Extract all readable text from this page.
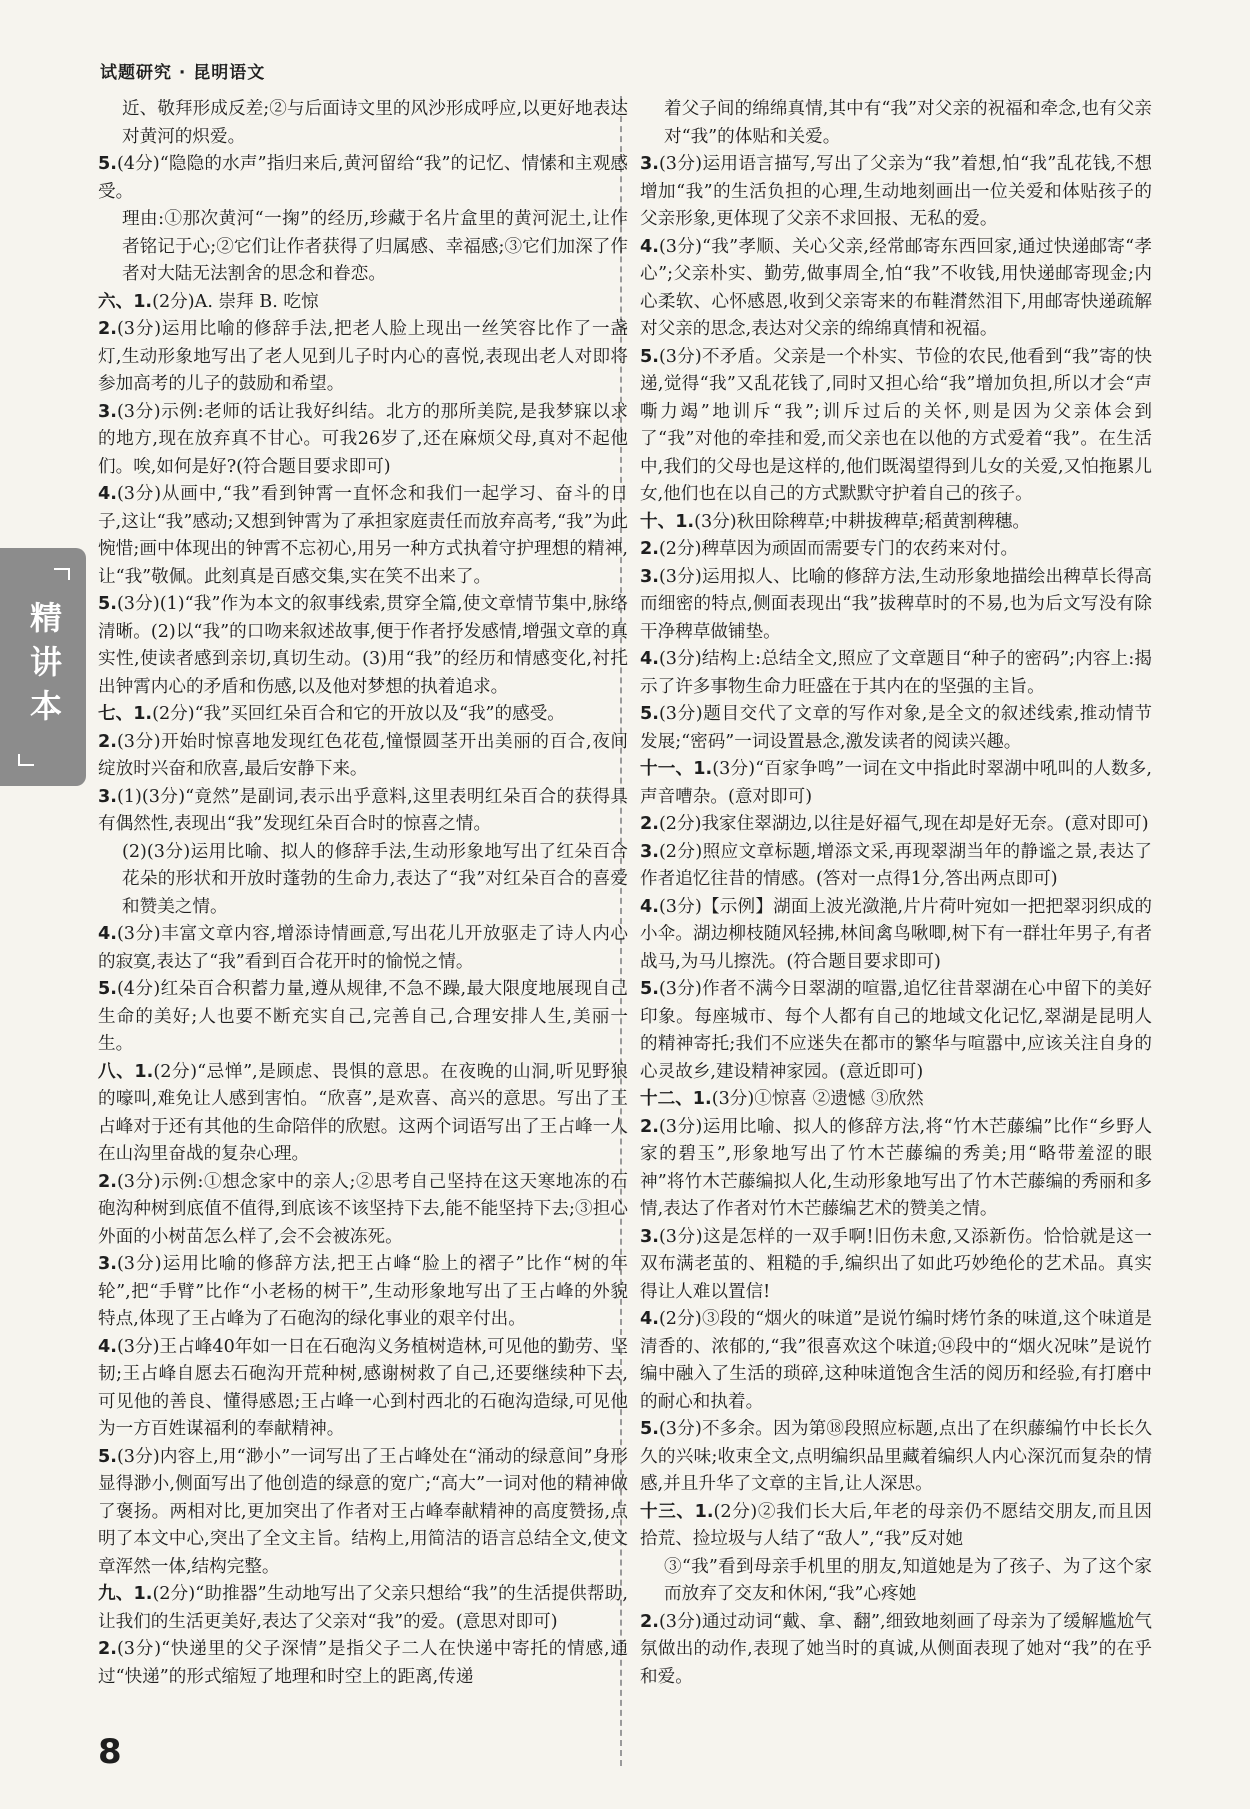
试题研究 · 昆明语文

近、敬拜形成反差;②与后面诗文里的风沙形成呼应,以更好地表达对黄河的炽爱。

5.(4分)“隐隐的水声”指归来后,黄河留给“我”的记忆、情愫和主观感受。

理由:①那次黄河“一掬”的经历,珍藏于名片盒里的黄河泥土,让作者铭记于心;②它们让作者获得了归属感、幸福感;③它们加深了作者对大陆无法割舍的思念和眷恋。

六、1.(2分)A. 崇拜 B. 吃惊

2.(3分)运用比喻的修辞手法,把老人脸上现出一丝笑容比作了一盏灯,生动形象地写出了老人见到儿子时内心的喜悦,表现出老人对即将参加高考的儿子的鼓励和希望。

3.(3分)示例:老师的话让我好纠结。北方的那所美院,是我梦寐以求的地方,现在放弃真不甘心。可我26岁了,还在麻烦父母,真对不起他们。唉,如何是好?(符合题目要求即可)

4.(3分)从画中,“我”看到钟霄一直怀念和我们一起学习、奋斗的日子,这让“我”感动;又想到钟霄为了承担家庭责任而放弃高考,“我”为此惋惜;画中体现出的钟霄不忘初心,用另一种方式执着守护理想的精神,让“我”敬佩。此刻真是百感交集,实在笑不出来了。

5.(3分)(1)“我”作为本文的叙事线索,贯穿全篇,使文章情节集中,脉络清晰。(2)以“我”的口吻来叙述故事,便于作者抒发感情,增强文章的真实性,使读者感到亲切,真切生动。(3)用“我”的经历和情感变化,衬托出钟霄内心的矛盾和伤感,以及他对梦想的执着追求。

七、1.(2分)“我”买回红朵百合和它的开放以及“我”的感受。

2.(3分)开始时惊喜地发现红色花苞,憧憬圆茎开出美丽的百合,夜间绽放时兴奋和欣喜,最后安静下来。

3.(1)(3分)“竟然”是副词,表示出乎意料,这里表明红朵百合的获得具有偶然性,表现出“我”发现红朵百合时的惊喜之情。

(2)(3分)运用比喻、拟人的修辞手法,生动形象地写出了红朵百合花朵的形状和开放时蓬勃的生命力,表达了“我”对红朵百合的喜爱和赞美之情。

4.(3分)丰富文章内容,增添诗情画意,写出花儿开放驱走了诗人内心的寂寞,表达了“我”看到百合花开时的愉悦之情。

5.(4分)红朵百合积蓄力量,遵从规律,不急不躁,最大限度地展现自己生命的美好;人也要不断充实自己,完善自己,合理安排人生,美丽一生。

八、1.(2分)“忌惮”,是顾虑、畏惧的意思。在夜晚的山洞,听见野狼的嚎叫,难免让人感到害怕。“欣喜”,是欢喜、高兴的意思。写出了王占峰对于还有其他的生命陪伴的欣慰。这两个词语写出了王占峰一人在山沟里奋战的复杂心理。

2.(3分)示例:①想念家中的亲人;②思考自己坚持在这天寒地冻的石砲沟种树到底值不值得,到底该不该坚持下去,能不能坚持下去;③担心外面的小树苗怎么样了,会不会被冻死。

3.(3分)运用比喻的修辞方法,把王占峰“脸上的褶子”比作“树的年轮”,把“手臂”比作“小老杨的树干”,生动形象地写出了王占峰的外貌特点,体现了王占峰为了石砲沟的绿化事业的艰辛付出。

4.(3分)王占峰40年如一日在石砲沟义务植树造林,可见他的勤劳、坚韧;王占峰自愿去石砲沟开荒种树,感谢树救了自己,还要继续种下去,可见他的善良、懂得感恩;王占峰一心到村西北的石砲沟造绿,可见他为一方百姓谋福利的奉献精神。

5.(3分)内容上,用“渺小”一词写出了王占峰处在“涌动的绿意间”身形显得渺小,侧面写出了他创造的绿意的宽广;“高大”一词对他的精神做了褒扬。两相对比,更加突出了作者对王占峰奉献精神的高度赞扬,点明了本文中心,突出了全文主旨。结构上,用简洁的语言总结全文,使文章浑然一体,结构完整。

九、1.(2分)“助推器”生动地写出了父亲只想给“我”的生活提供帮助,让我们的生活更美好,表达了父亲对“我”的爱。(意思对即可)

2.(3分)“快递里的父子深情”是指父子二人在快递中寄托的情感,通过“快递”的形式缩短了地理和时空上的距离,传递

着父子间的绵绵真情,其中有“我”对父亲的祝福和牵念,也有父亲对“我”的体贴和关爱。

3.(3分)运用语言描写,写出了父亲为“我”着想,怕“我”乱花钱,不想增加“我”的生活负担的心理,生动地刻画出一位关爱和体贴孩子的父亲形象,更体现了父亲不求回报、无私的爱。

4.(3分)“我”孝顺、关心父亲,经常邮寄东西回家,通过快递邮寄“孝心”;父亲朴实、勤劳,做事周全,怕“我”不收钱,用快递邮寄现金;内心柔软、心怀感恩,收到父亲寄来的布鞋潸然泪下,用邮寄快递疏解对父亲的思念,表达对父亲的绵绵真情和祝福。

5.(3分)不矛盾。父亲是一个朴实、节俭的农民,他看到“我”寄的快递,觉得“我”又乱花钱了,同时又担心给“我”增加负担,所以才会“声嘶力竭”地训斥“我”;训斥过后的关怀,则是因为父亲体会到了“我”对他的牵挂和爱,而父亲也在以他的方式爱着“我”。在生活中,我们的父母也是这样的,他们既渴望得到儿女的关爱,又怕拖累儿女,他们也在以自己的方式默默守护着自己的孩子。

十、1.(3分)秋田除稗草;中耕拔稗草;稻黄割稗穗。

2.(2分)稗草因为顽固而需要专门的农药来对付。

3.(3分)运用拟人、比喻的修辞方法,生动形象地描绘出稗草长得高而细密的特点,侧面表现出“我”拔稗草时的不易,也为后文写没有除干净稗草做铺垫。

4.(3分)结构上:总结全文,照应了文章题目“种子的密码”;内容上:揭示了许多事物生命力旺盛在于其内在的坚强的主旨。

5.(3分)题目交代了文章的写作对象,是全文的叙述线索,推动情节发展;“密码”一词设置悬念,激发读者的阅读兴趣。

十一、1.(3分)“百家争鸣”一词在文中指此时翠湖中吼叫的人数多,声音嘈杂。(意对即可)

2.(2分)我家住翠湖边,以往是好福气,现在却是好无奈。(意对即可)

3.(2分)照应文章标题,增添文采,再现翠湖当年的静谧之景,表达了作者追忆往昔的情感。(答对一点得1分,答出两点即可)

4.(3分)【示例】湖面上波光潋滟,片片荷叶宛如一把把翠羽织成的小伞。湖边柳枝随风轻拂,林间禽鸟啾唧,树下有一群壮年男子,有者战马,为马儿擦洗。(符合题目要求即可)

5.(3分)作者不满今日翠湖的喧嚣,追忆往昔翠湖在心中留下的美好印象。每座城市、每个人都有自己的地域文化记忆,翠湖是昆明人的精神寄托;我们不应迷失在都市的繁华与喧嚣中,应该关注自身的心灵故乡,建设精神家园。(意近即可)

十二、1.(3分)①惊喜 ②遗憾 ③欣然

2.(3分)运用比喻、拟人的修辞方法,将“竹木芒藤编”比作“乡野人家的碧玉”,形象地写出了竹木芒藤编的秀美;用“略带羞涩的眼神”将竹木芒藤编拟人化,生动形象地写出了竹木芒藤编的秀丽和多情,表达了作者对竹木芒藤编艺术的赞美之情。

3.(3分)这是怎样的一双手啊!旧伤未愈,又添新伤。恰恰就是这一双布满老茧的、粗糙的手,编织出了如此巧妙绝伦的艺术品。真实得让人难以置信!

4.(2分)③段的“烟火的味道”是说竹编时烤竹条的味道,这个味道是清香的、浓郁的,“我”很喜欢这个味道;⑭段中的“烟火况味”是说竹编中融入了生活的琐碎,这种味道饱含生活的阅历和经验,有打磨中的耐心和执着。

5.(3分)不多余。因为第⑱段照应标题,点出了在织藤编竹中长长久久的兴味;收束全文,点明编织品里藏着编织人内心深沉而复杂的情感,并且升华了文章的主旨,让人深思。

十三、1.(2分)②我们长大后,年老的母亲仍不愿结交朋友,而且因拾荒、捡垃圾与人结了“敌人”,“我”反对她

③“我”看到母亲手机里的朋友,知道她是为了孩子、为了这个家而放弃了交友和休闲,“我”心疼她

2.(3分)通过动词“戴、拿、翻”,细致地刻画了母亲为了缓解尴尬气氛做出的动作,表现了她当时的真诚,从侧面表现了她对“我”的在乎和爱。

精讲本
8
